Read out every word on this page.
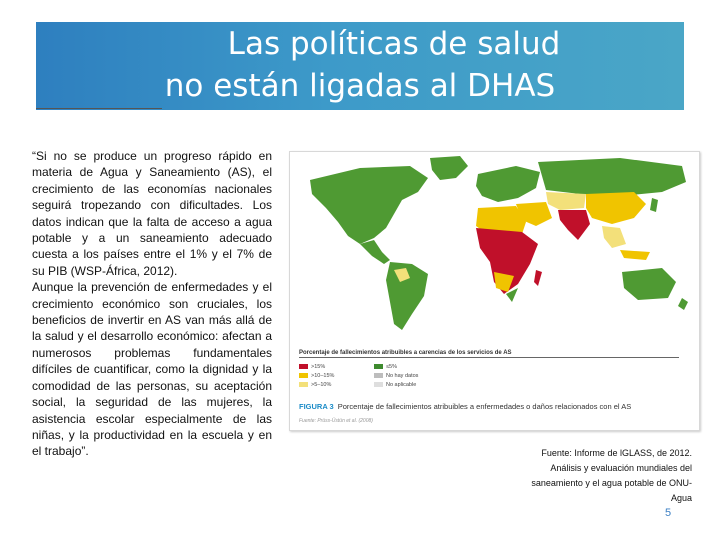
Las políticas de salud
no están ligadas al DHAS

“Si no se produce un progreso rápido en materia de Agua y Saneamiento (AS), el crecimiento de las economías nacionales seguirá tropezando con dificultades. Los datos indican que la falta de acceso a agua potable y a un saneamiento adecuado cuesta a los países entre el 1% y el 7% de su PIB (WSP-África, 2012).

Aunque la prevención de enfermedades y el crecimiento económico son cruciales, los beneficios de invertir en AS van más allá de la salud y el desarrollo económico: afectan a numerosos problemas fundamentales difíciles de cuantificar, como la dignidad y la comodidad de las personas, su aceptación social, la seguridad de las mujeres, la asistencia escolar especialmente de las niñas, y la productividad en la escuela y en el trabajo”.

Porcentaje de fallecimientos atribuibles a carencias de los servicios de AS
>15%
>10–15%
>5–10%
≤5%
No hay datos
No aplicable
FIGURA 3 Porcentaje de fallecimientos atribuibles a enfermedades o daños relacionados con el AS
Fuente: Prüss-Üstün et al. (2008)
Fuente: Informe de lGLASS, de 2012. Análisis y evaluación mundiales del saneamiento y el agua potable de ONU-Agua
5
